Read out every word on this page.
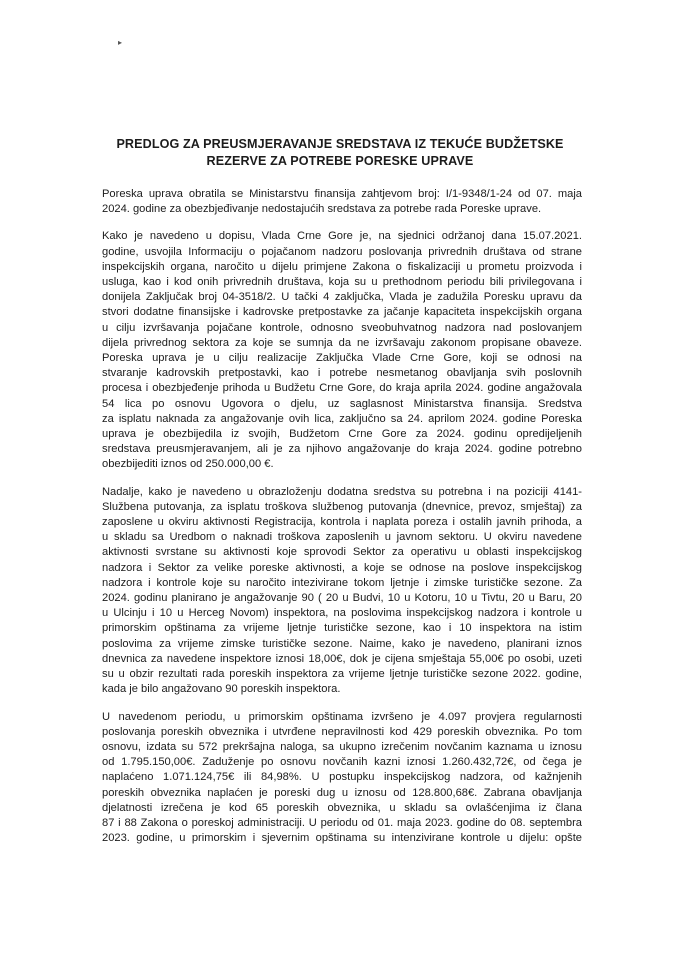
▸
PREDLOG ZA PREUSMJERAVANJE SREDSTAVA IZ TEKUĆE BUDŽETSKE
REZERVE ZA POTREBE PORESKE UPRAVE
Poreska uprava obratila se Ministarstvu finansija zahtjevom broj: I/1-9348/1-24 od 07. maja
2024. godine za obezbjeđivanje nedostajućih sredstava za potrebe rada Poreske uprave.
Kako je navedeno u dopisu, Vlada Crne Gore je, na sjednici održanoj dana 15.07.2021.
godine, usvojila Informaciju o pojačanom nadzoru poslovanja privrednih društava od strane
inspekcijskih organa, naročito u dijelu primjene Zakona o fiskalizaciji u prometu proizvoda i
usluga, kao i kod onih privrednih društava, koja su u prethodnom periodu bili privilegovana i
donijela Zaključak broj 04-3518/2. U tački 4 zaključka, Vlada je zadužila Poresku upravu da
stvori dodatne finansijske i kadrovske pretpostavke za jačanje kapaciteta inspekcijskih organa
u cilju izvršavanja pojačane kontrole, odnosno sveobuhvatnog nadzora nad poslovanjem
dijela privrednog sektora za koje se sumnja da ne izvršavaju zakonom propisane obaveze.
Poreska uprava je u cilju realizacije Zaključka Vlade Crne Gore, koji se odnosi na
stvaranje kadrovskih pretpostavki, kao i potrebe nesmetanog obavljanja svih poslovnih
procesa i obezbjeđenje prihoda u Budžetu Crne Gore, do kraja aprila 2024. godine angažovala
54 lica po osnovu Ugovora o djelu, uz saglasnost Ministarstva finansija. Sredstva
za isplatu naknada za angažovanje ovih lica, zaključno sa 24. aprilom 2024. godine Poreska
uprava je obezbijedila iz svojih, Budžetom Crne Gore za 2024. godinu opredijeljenih
sredstava preusmjeravanjem, ali je za njihovo angažovanje do kraja 2024. godine potrebno
obezbijediti iznos od 250.000,00 €.
Nadalje, kako je navedeno u obrazloženju dodatna sredstva su potrebna i na poziciji 4141-
Službena putovanja, za isplatu troškova službenog putovanja (dnevnice, prevoz, smještaj) za
zaposlene u okviru aktivnosti Registracija, kontrola i naplata poreza i ostalih javnih prihoda, a
u skladu sa Uredbom o naknadi troškova zaposlenih u javnom sektoru. U okviru navedene
aktivnosti svrstane su aktivnosti koje sprovodi Sektor za operativu u oblasti inspekcijskog
nadzora i Sektor za velike poreske aktivnosti, a koje se odnose na poslove inspekcijskog
nadzora i kontrole koje su naročito intezivirane tokom ljetnje i zimske turističke sezone. Za
2024. godinu planirano je angažovanje 90 ( 20 u Budvi, 10 u Kotoru, 10 u Tivtu, 20 u Baru, 20
u Ulcinju i 10 u Herceg Novom) inspektora, na poslovima inspekcijskog nadzora i kontrole u
primorskim opštinama za vrijeme ljetnje turističke sezone, kao i 10 inspektora na istim
poslovima za vrijeme zimske turističke sezone. Naime, kako je navedeno, planirani iznos
dnevnica za navedene inspektore iznosi 18,00€, dok je cijena smještaja 55,00€ po osobi, uzeti
su u obzir rezultati rada poreskih inspektora za vrijeme ljetnje turističke sezone 2022. godine,
kada je bilo angažovano 90 poreskih inspektora.
U navedenom periodu, u primorskim opštinama izvršeno je 4.097 provjera regularnosti
poslovanja poreskih obveznika i utvrđene nepravilnosti kod 429 poreskih obveznika. Po tom
osnovu, izdata su 572 prekršajna naloga, sa ukupno izrečenim novčanim kaznama u iznosu
od 1.795.150,00€. Zaduženje po osnovu novčanih kazni iznosi 1.260.432,72€, od čega je
naplaćeno 1.071.124,75€ ili 84,98%. U postupku inspekcijskog nadzora, od kažnjenih
poreskih obveznika naplaćen je poreski dug u iznosu od 128.800,68€. Zabrana obavljanja
djelatnosti izrečena je kod 65 poreskih obveznika, u skladu sa ovlašćenjima iz člana
87 i 88 Zakona o poreskoj administraciji. U periodu od 01. maja 2023. godine do 08. septembra
2023. godine, u primorskim i sjevernim opštinama su intenzivirane kontrole u dijelu: opšte
